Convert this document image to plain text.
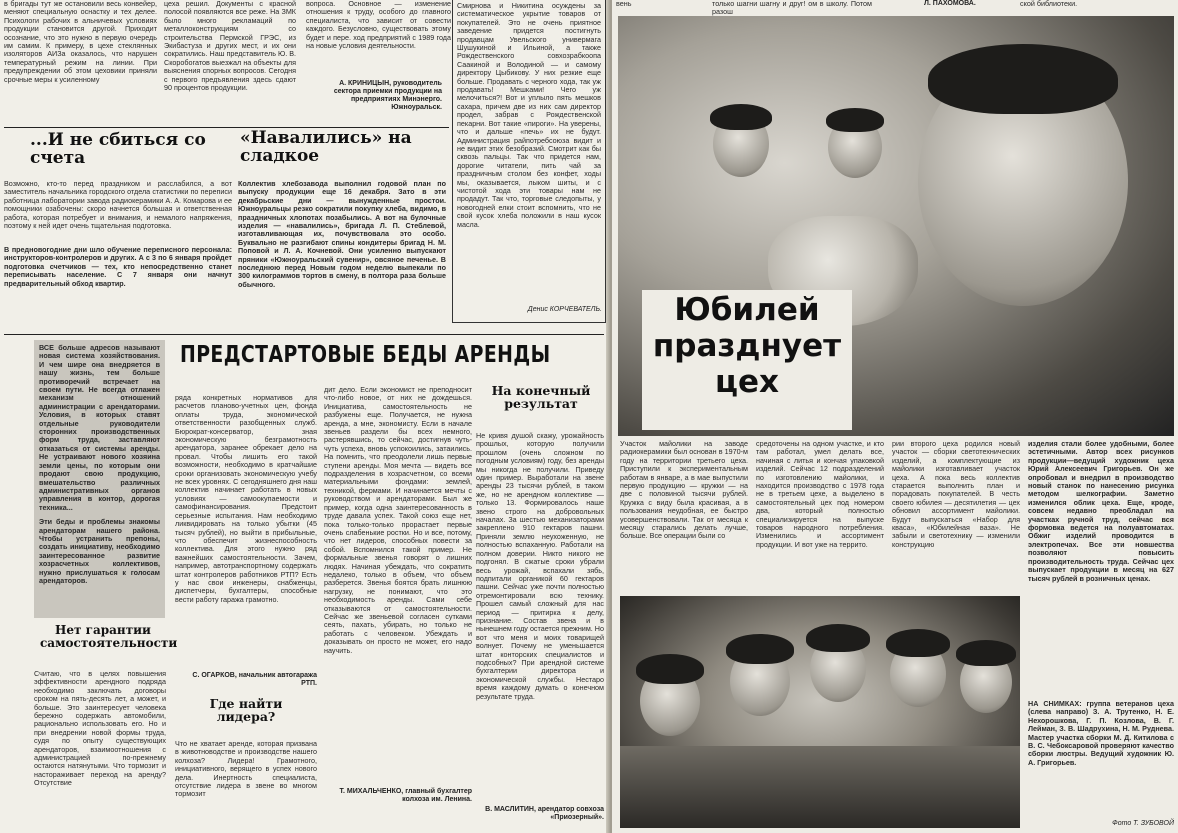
в бригады тут же остановили весь конвейер, меняют специальную оснастку и тех делее. Психологи рабочих в альничевых условиях продукции становится другой. Приходит осознание, что это нужно в первую очередь им самим. К примеру, в цехе стеклянных изоляторов АИЗа оказалось, что нарушен температурный режим на линии. При предупреждении об этом цеховики приняли срочные меры к усиленному

цеха решил. Документы с красной полосой появляются все реже. На ЗМК было много рекламаций по металлоконструкциям со строительства Пермской ГРЭС, из Экибастуза и других мест, и их они сократились. Наш представитель Ю. В. Скоробогатов выезжал на объекты для выяснения спорных вопросов. Сегодня с первого предъявления здесь сдают 90 процентов продукции.

вопроса. Основное — изменение отношения к труду, особого до главного специалиста, что зависит от совести каждого. Безусловно, существовать этому будет и пере. ход предприятий с 1989 года на новые условия деятельности.

А. КРИНИЦЫН, руководитель сектора приемки продукции на предприятиях Минэнерго. Южноуральск.
...И не сбиться со счета

Возможно, кто-то перед праздником и расслабился, а вот заместитель начальника городского отдела статистики по переписи работница лаборатории завода радиокерамики А. А. Комарова и ее помощники озабочены: скоро начнется большая и ответственная работа, которая потребует и внимания, и немалого напряжения, поэтому к ней идет очень тщательная подготовка.

В предновогодние дни шло обучение переписного персонала: инструкторов-контролеров и других. А с 3 по 6 января пройдет подготовка счетчиков — тех, кто непосредственно станет переписывать население. С 7 января они начнут предварительный обход квартир.

«Навалились» на сладкое

Коллектив хлебозавода выполнил годовой план по выпуску продукции еще 16 декабря. Зато в эти декабрьские дни — вынужденные простои. Южноуральцы резко сократили покупку хлеба, видимо, в праздничных хлопотах позабылись. А вот на булочные изделия — «навалились», бригада Л. П. Стеблевой, изготавливающая их, почувствовала это особо. Буквально не разгибают спины кондитеры бригад Н. М. Поповой и Л. А. Кочневой. Они усиленно выпускают пряники «Южноуральский сувенир», овсяное печенье. В последнюю перед Новым годом неделю выпекали по 300 килограммов тортов в смену, в полтора раза больше обычного.

ВСЕ больше адресов называют новая система хозяйствования. И чем шире она внедряется в нашу жизнь, тем больше противоречий встречает на своем пути. Не всегда отлажен механизм отношений администрации с арендаторами. Условия, в которых ставят отдельные руководители сторонних производственных форм труда, заставляют отказаться от системы аренды. Не устраивают нового хозяина земли цены, по которым они продают свою продукцию, вмешательство различных административных органов управления в контор, дорогая техника...

Эти беды и проблемы знакомы арендаторам нашего района. Чтобы устранить препоны, создать инициативу, необходимо заинтересованное развитие хозрасчетных коллективов, нужно прислушаться к голосам арендаторов.

ПРЕДСТАРТОВЫЕ БЕДЫ АРЕНДЫ
Нет гарантии самостоятельности

Считаю, что в целях повышения эффективности арендного подряда необходимо заключать договоры сроком на пять-десять лет, а может, и больше. Это заинтересует человека бережно содержать автомобили, рационально использовать его. Но и при внедрении новой формы труда, судя по опыту существующих арендаторов, взаимоотношения с администрацией по-прежнему остаются натянутыми. Что тормозит и настораживает переход на аренду? Отсутствие

ряда конкретных нормативов для расчетов планово-учетных цен, фонда оплаты труда, экономической ответственности разобщенных служб. Бюрократ-консерватор, зная экономическую безграмотность арендатора, заранее обрекает дело на провал. Чтобы лишить его такой возможности, необходимо в кратчайшие сроки организовать экономическую учебу не всех уровнях. С сегодняшнего дня наш коллектив начинает работать в новых условиях — самоокупаемости и самофинансирования. Предстоит серьезные испытания. Нам необходимо ликвидировать на только убытки (45 тысяч рублей), но выйти в прибыльные, что обеспечит жизнеспособность коллектива. Для этого нужно ряд важнейших самостоятельности. Зачем, например, автотранспортному содержать штат контролеров работников РТП? Есть у нас свои инженеры, снабженцы, диспетчеры, бухгалтеры, способные вести работу гаража грамотно.

С. ОГАРКОВ, начальник автогаража РТП.
Где найти лидера?

Что не хватает аренде, которая призвана в животноводстве и производстве нашего колхоза? Лидера! Грамотного, инициативного, верящего в успех нового дела. Инертность специалиста, отсутствие лидера в звене во многом тормозит

дит дело. Если экономист не преподносит что-либо новое, от них не дождешься. Инициатива, самостоятельность не разбужены еще. Получается, не нужна аренда, а мне, экономисту. Если в начале звеньев раздели бы всех немного, растерявшись, то сейчас, достигнув чуть-чуть успеха, вновь успокоились, затаились. На помнить, что преодолели лишь первые ступени аренды. Моя мечта — видеть все подразделения в хозрасчетном, со всеми материальными фондами: землей, техникой, фермами. И начинается мечты с руководством и арендаторами. Был же пример, когда одна заинтересованность в труде давала успех. Такой союз еще нет, пока только-только прорастает первые очень слабенькие ростки. Но и все, потому, что нет лидеров, способных повести за собой. Вспомнился такой пример. Не формальные звенья говорят о лишних людях. Начиная убеждать, что сократить недалеко, только в объем, что объем разберется. Звенья боятся брать лишнюю нагрузку, не понимают, что это необходимость аренды. Сами себе отказываются от самостоятельности. Сейчас же звеньевой согласен сутками сеять, пахать, убирать, но только не работать с человеком. Убеждать и доказывать он просто не может, его надо научить.

Т. МИХАЛЬЧЕНКО, главный бухгалтер колхоза им. Ленина.
На конечный результат

Не кривя душой скажу, урожайность прошлых, которую получили прошлом (очень сложном по погодным условиям) году, без аренды мы никогда не получили. Приведу один пример. Выработали на звене аренды 23 тысячи рублей, в таком же, но не арендном коллективе — только 13. Формировалось наше звено строго на добровольных началах. За шестью механизаторами закреплено 910 гектаров пашни. Приняли землю неухоженную, не полностью вспаханную. Работали на полном доверии. Никто никого не подгонял. В сжатые сроки убрали весь урожай, вспахали зябь, подпитали органикой 60 гектаров пашни. Сейчас уже почти полностью отремонтировали всю технику. Прошел самый сложный для нас период — притирка к делу, признание. Состав звена и в нынешнем году остается прежним. Но вот что меня и моих товарищей волнует. Почему не уменьшается штат конторских специалистов и подсобных? При арендной системе бухгалтерии директора и экономической службы. Нестаро время каждому думать о конечном результате труда.

В. МАСЛИТИН, арендатор совхоза «Приозерный».

вень	только шагни шагну и друг! ом в школу. Потом разош

Л. ПАХОМОВА.	ской библиотеки.

Юбилей празднует цех

Участок майолики на заводе радиокерамики был основан в 1970-м году на территории третьего цеха. Приступили к экспериментальным работам в январе, а в мае выпустили первую продукцию — кружки — на две с половиной тысячи рублей. Кружка с виду была красивая, а в пользования неудобная, ее быстро усовершенствовали. Так от месяца к месяцу старались делать лучше, больше. Все операции были со

средоточены на одном участке, и кто там работал, умел делать все, начиная с литья и кончая упаковкой изделий. Сейчас 12 подразделений по изготовлению майолики, и находится производство с 1978 года не в третьем цехе, а выделено в самостоятельный цех под номером два, который полностью специализируется на выпуске товаров народного потребления. Изменились и ассортимент продукции. И вот уже на террито.

рии второго цеха родился новый участок — сборки светотехнических изделий, а комплектующие из майолики изготавливает участок цеха. А пока весь коллектив старается выполнить план и порадовать покупателей. В честь своего юбилея — десятилетия — цех обновил ассортимент майолики. Будут выпускаться «Набор для кваса», «Юбилейная ваза». Не забыли и светотехнику — изменили конструкцию

изделия стали более удобными, более эстетичными. Автор всех рисунков продукции—ведущий художник цеха Юрий Алексеевич Григорьев. Он же опробовал и внедрил в производство новый станок по нанесению рисунка методом шелкографии. Заметно изменился облик цеха. Еще, кроде, совсем недавно преобладал на участках ручной труд, сейчас вся формовка ведется на полуавтоматах. Обжиг изделий проводится в электропечах. Все эти новшества позволяют повысить производительность труда. Сейчас цех выпускает продукции в месяц на 627 тысяч рублей в розничных ценах.

НА СНИМКАХ: группа ветеранов цеха (слева направо) З. А. Трутенко, Н. Е. Нехорошкова, Г. П. Козлова, В. Г. Лейман, З. В. Шадрухина, Н. М. Руднева. Мастер участка сборки М. Д. Китилова с В. С. Чебоксаровой проверяют качество сборки люстры. Ведущий художник Ю. А. Григорьев.

Фото Т. ЗУБОВОЙ

Смирнова и Никитина осуждены за систематическое укрытие товаров от покупателей. Это не очень приятное заведение придется постигнуть продавцам Увельского универмага Шушукиной и Ильиной, а также Рождественского совхозрабкоопа Саакиной и Володиной — и самому директору Цыбикову. У них резкие еще больше. Продавать с черного хода, так уж продавать! Мешками! Чего уж мелочиться?! Вот и уплыло пять мешков сахара, причем две из них сам директор продел, забрав с Рождественской пекарни. Вот такие «пироги». На уверены, что и дальше «печь» их не будут. Администрация райпотребсоюза видит и не видит этих безобразий. Смотрит как бы сквозь пальцы. Так что придется нам, дорогие читатели, пить чай за праздничным столом без конфет, ходы мы, оказывается, лыком шиты, и с чистотой хода эти товары нам не продадут. Так что, торговые следопыты, у новогодней елки стоит вспомнить, что не свой кусок хлеба положили в наш кусок масла.

Денис КОРЧЕВАТЕЛЬ.
